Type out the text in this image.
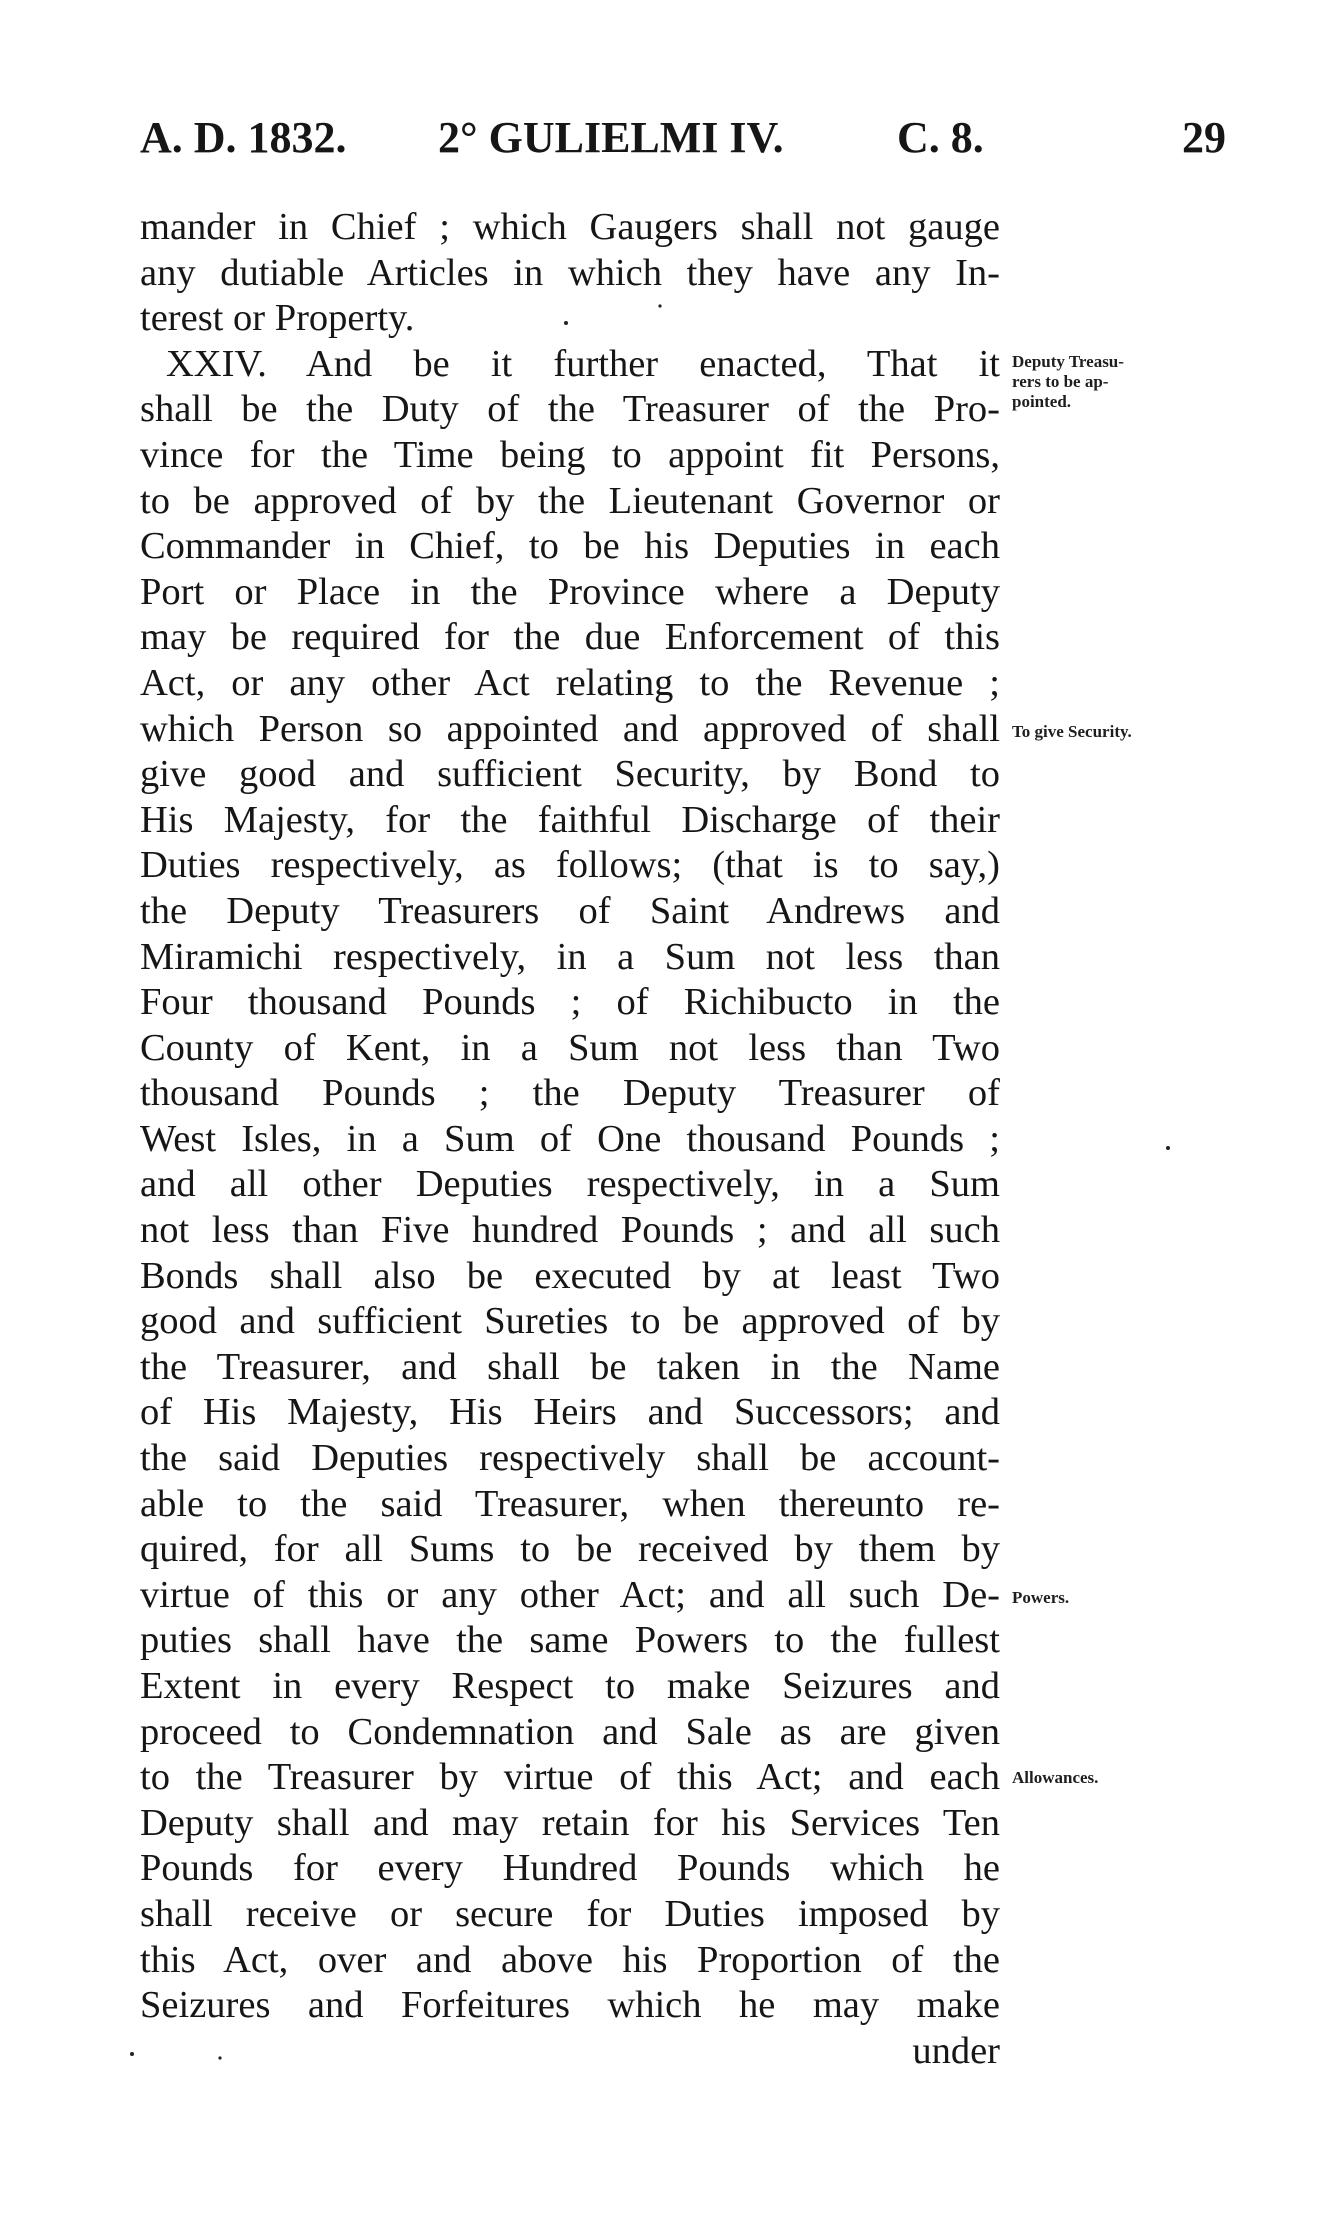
A. D. 1832. 2° GULIELMI IV.	C. 8.	29
mander in Chief ; which Gaugers shall not gauge
any dutiable Articles in which they have any In-
terest or Property.
XXIV. And be it further enacted, That it
shall be the Duty of the Treasurer of the Pro-
vince for the Time being to appoint fit Persons,
to be approved of by the Lieutenant Governor or
Commander in Chief, to be his Deputies in each
Port or Place in the Province where a Deputy
may be required for the due Enforcement of this
Act, or any other Act relating to the Revenue ;
which Person so appointed and approved of shall
give good and sufficient Security, by Bond to
His Majesty, for the faithful Discharge of their
Duties respectively, as follows; (that is to say,)
the Deputy Treasurers of Saint Andrews and
Miramichi respectively, in a Sum not less than
Four thousand Pounds ; of Richibucto in the
County of Kent, in a Sum not less than Two
thousand Pounds ; the Deputy Treasurer of
West Isles, in a Sum of One thousand Pounds ;
and all other Deputies respectively, in a Sum
not less than Five hundred Pounds ; and all such
Bonds shall also be executed by at least Two
good and sufficient Sureties to be approved of by
the Treasurer, and shall be taken in the Name
of His Majesty, His Heirs and Successors; and
the said Deputies respectively shall be account-
able to the said Treasurer, when thereunto re-
quired, for all Sums to be received by them by
virtue of this or any other Act; and all such De-
puties shall have the same Powers to the fullest
Extent in every Respect to make Seizures and
proceed to Condemnation and Sale as are given
to the Treasurer by virtue of this Act; and each
Deputy shall and may retain for his Services Ten
Pounds for every Hundred Pounds which he
shall receive or secure for Duties imposed by
this Act, over and above his Proportion of the
Seizures and Forfeitures which he may make
under
Deputy Treasu-
rers to be ap-
pointed.
To give Security.
Powers.
Allowances.
